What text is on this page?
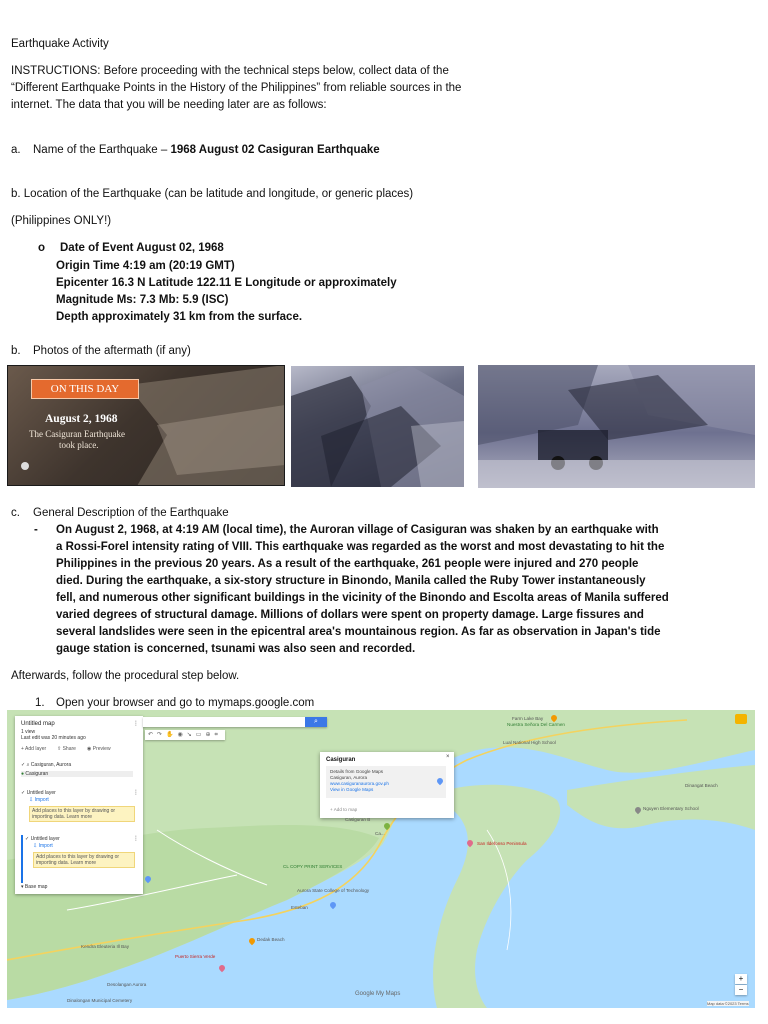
Earthquake Activity
INSTRUCTIONS: Before proceeding with the technical steps below, collect data of the
“Different Earthquake Points in the History of the Philippines” from reliable sources in the
internet. The data that you will be needing later are as follows:
a. Name of the Earthquake – 1968 August 02 Casiguran Earthquake
b. Location of the Earthquake (can be latitude and longitude, or generic places)
(Philippines ONLY!)
o Date of Event August 02, 1968
Origin Time 4:19 am (20:19 GMT)
Epicenter 16.3 N Latitude 122.11 E Longitude or approximately
Magnitude Ms: 7.3 Mb: 5.9 (ISC)
Depth approximately 31 km from the surface.
b. Photos of the aftermath (if any)
ON THIS DAY
August 2, 1968
The Casiguran Earthquake
took place.
c. General Description of the Earthquake
- On August 2, 1968, at 4:19 AM (local time), the Auroran village of Casiguran was shaken by an earthquake with
a Rossi-Forel intensity rating of VIII. This earthquake was regarded as the worst and most devastating to hit the
Philippines in the previous 20 years. As a result of the earthquake, 261 people were injured and 270 people
died. During the earthquake, a six-story structure in Binondo, Manila called the Ruby Tower instantaneously
fell, and numerous other significant buildings in the vicinity of the Binondo and Escolta areas of Manila suffered
varied degrees of structural damage. Millions of dollars were spent on property damage. Large fissures and
several landslides were seen in the epicentral area's mountainous region. As far as observation in Japan's tide
gauge station is concerned, tsunami was also seen and recorded.
Afterwards, follow the procedural step below.
1. Open your browser and go to mymaps.google.com
Untitled map	⋮
1 view
Last edit was 20 minutes ago
+ Add layer ⇪ Share ◉ Preview
✓ ⌕ Casiguran, Aurora
● Casiguran
✓ Untitled layer	⋮
⇩ Import
Add places to this layer by drawing or importing data. Learn more
✓ Untitled layer	⋮
⇩ Import
Add places to this layer by drawing or importing data. Learn more
▾ Base map
⌕
↶↷✋◉↘▭⊕⌗
Casiguran	×
Details from Google Maps
Casiguran, Aurora
www.casiguranaurora.gov.ph
View in Google Maps
+ Add to map
Casiguran B
Ca...
CL COPY PRINT SERVICES
Aurora State College of Technology
Esteban
Kendra Eleuteria Ill Bay
Puerto Sierra Verde
Dedak Beach
Desolangan Aurora
Dinalongan Municipal Cemetery
San Ildefonso Peninsula
Nuestra Señora Del Carmen
Lual National High School
Dinangat Beach
Nguyen Elementary School
Farm Lake Bay
Google My Maps
Map data ©2023 Terms
+
−
